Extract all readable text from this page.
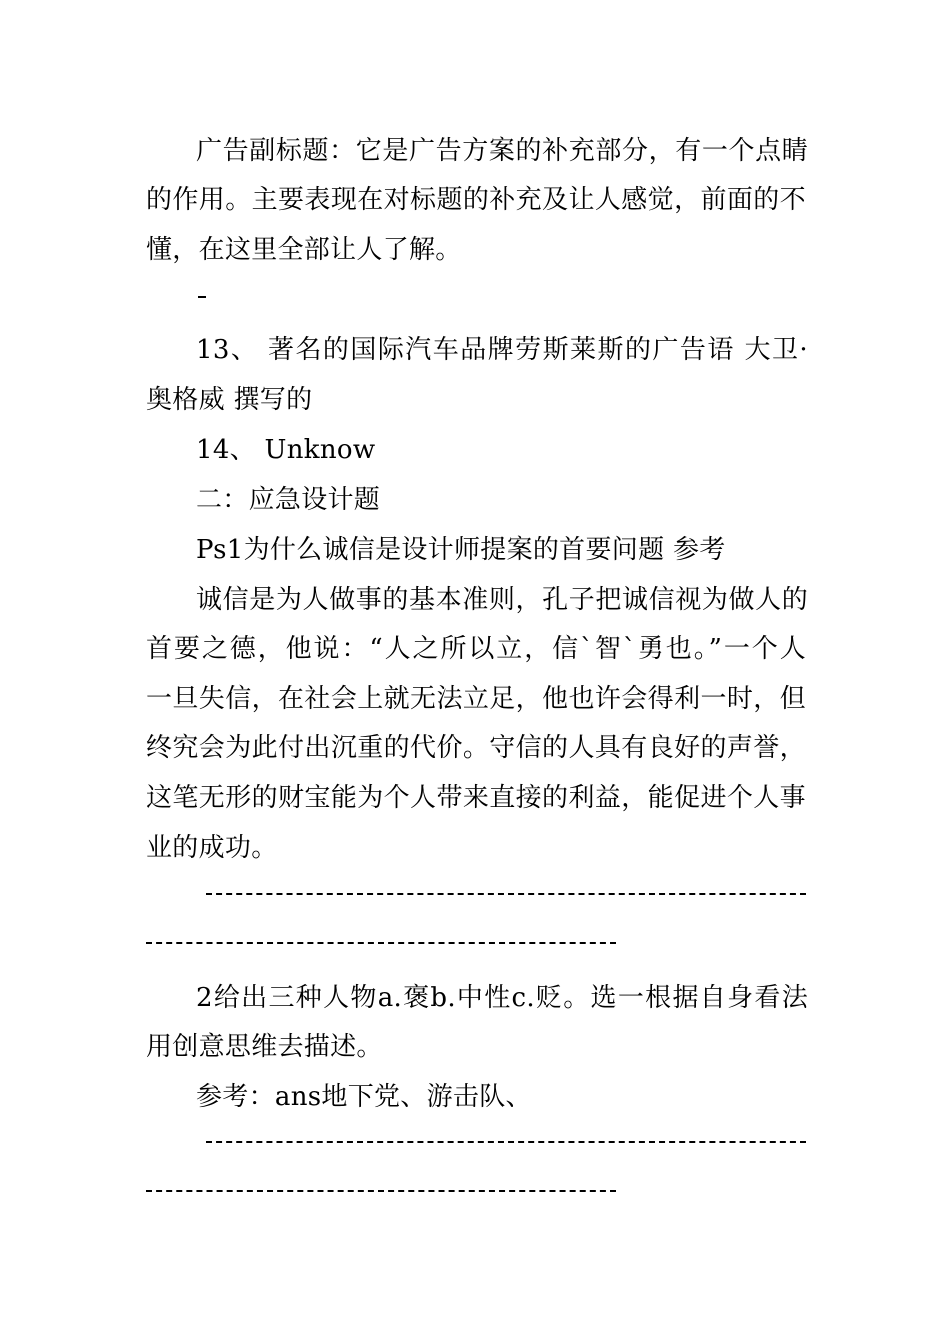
广告副标题：它是广告方案的补充部分，有一个点睛
的作用。主要表现在对标题的补充及让人感觉，前面的不
懂，在这里全部让人了解。
13、 著名的国际汽车品牌劳斯莱斯的广告语 大卫·
奥格威 撰写的
14、 Unknow
二：应急设计题
Ps1为什么诚信是设计师提案的首要问题 参考
诚信是为人做事的基本准则，孔子把诚信视为做人的
首要之德，他说：“人之所以立，信`智`勇也。”一个人
一旦失信，在社会上就无法立足，他也许会得利一时，但
终究会为此付出沉重的代价。守信的人具有良好的声誉，
这笔无形的财宝能为个人带来直接的利益，能促进个人事
业的成功。
2给出三种人物a.褒b.中性c.贬。选一根据自身看法
用创意思维去描述。
参考：ans地下党、游击队、
